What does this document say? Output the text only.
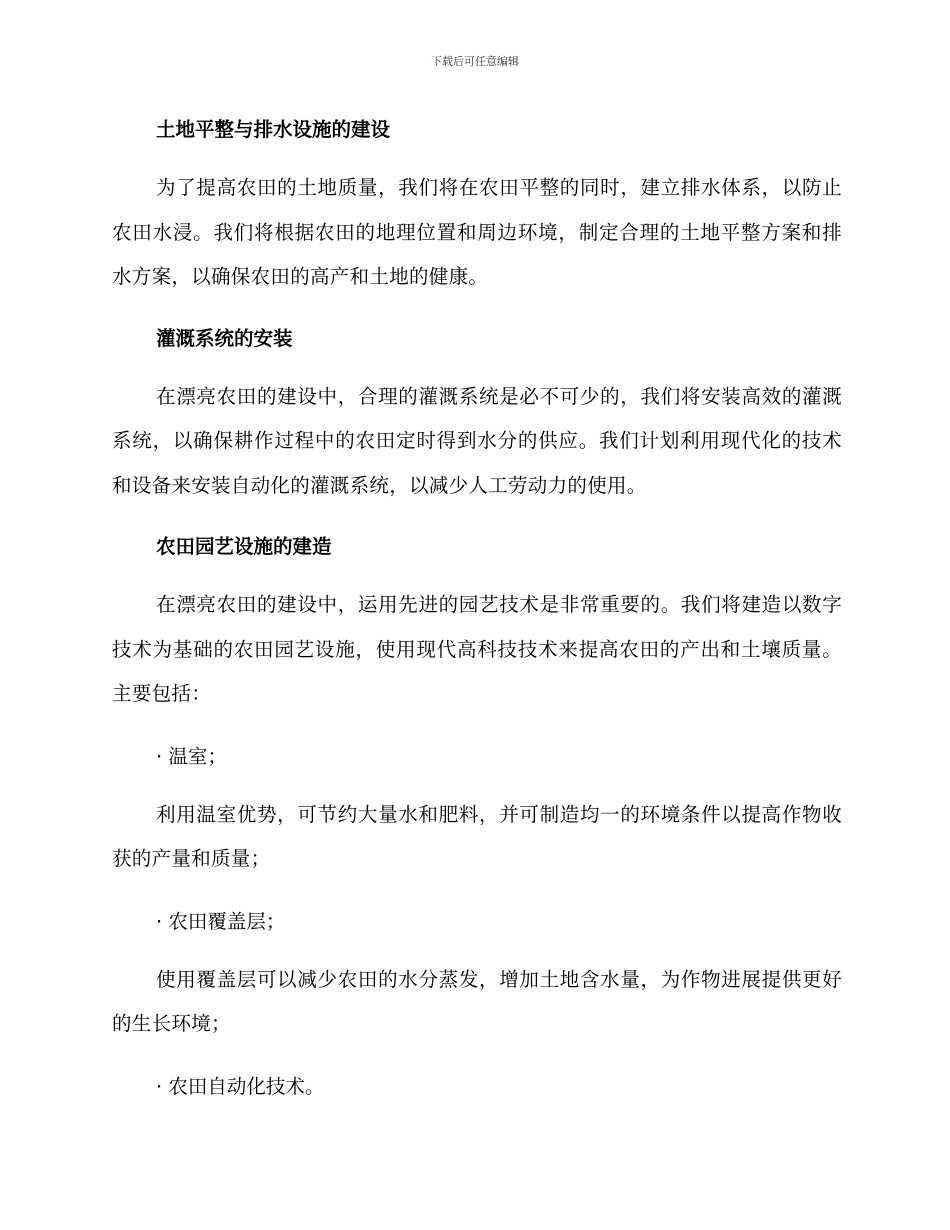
下载后可任意编辑

土地平整与排水设施的建设

为了提高农田的土地质量，我们将在农田平整的同时，建立排水体系，以防止农田水浸。我们将根据农田的地理位置和周边环境，制定合理的土地平整方案和排水方案，以确保农田的高产和土地的健康。

灌溉系统的安装

在漂亮农田的建设中，合理的灌溉系统是必不可少的，我们将安装高效的灌溉系统，以确保耕作过程中的农田定时得到水分的供应。我们计划利用现代化的技术和设备来安装自动化的灌溉系统，以减少人工劳动力的使用。

农田园艺设施的建造

在漂亮农田的建设中，运用先进的园艺技术是非常重要的。我们将建造以数字技术为基础的农田园艺设施，使用现代高科技技术来提高农田的产出和土壤质量。主要包括：

· 温室；

利用温室优势，可节约大量水和肥料，并可制造均一的环境条件以提高作物收获的产量和质量；

· 农田覆盖层；

使用覆盖层可以减少农田的水分蒸发，增加土地含水量，为作物进展提供更好的生长环境；

· 农田自动化技术。
